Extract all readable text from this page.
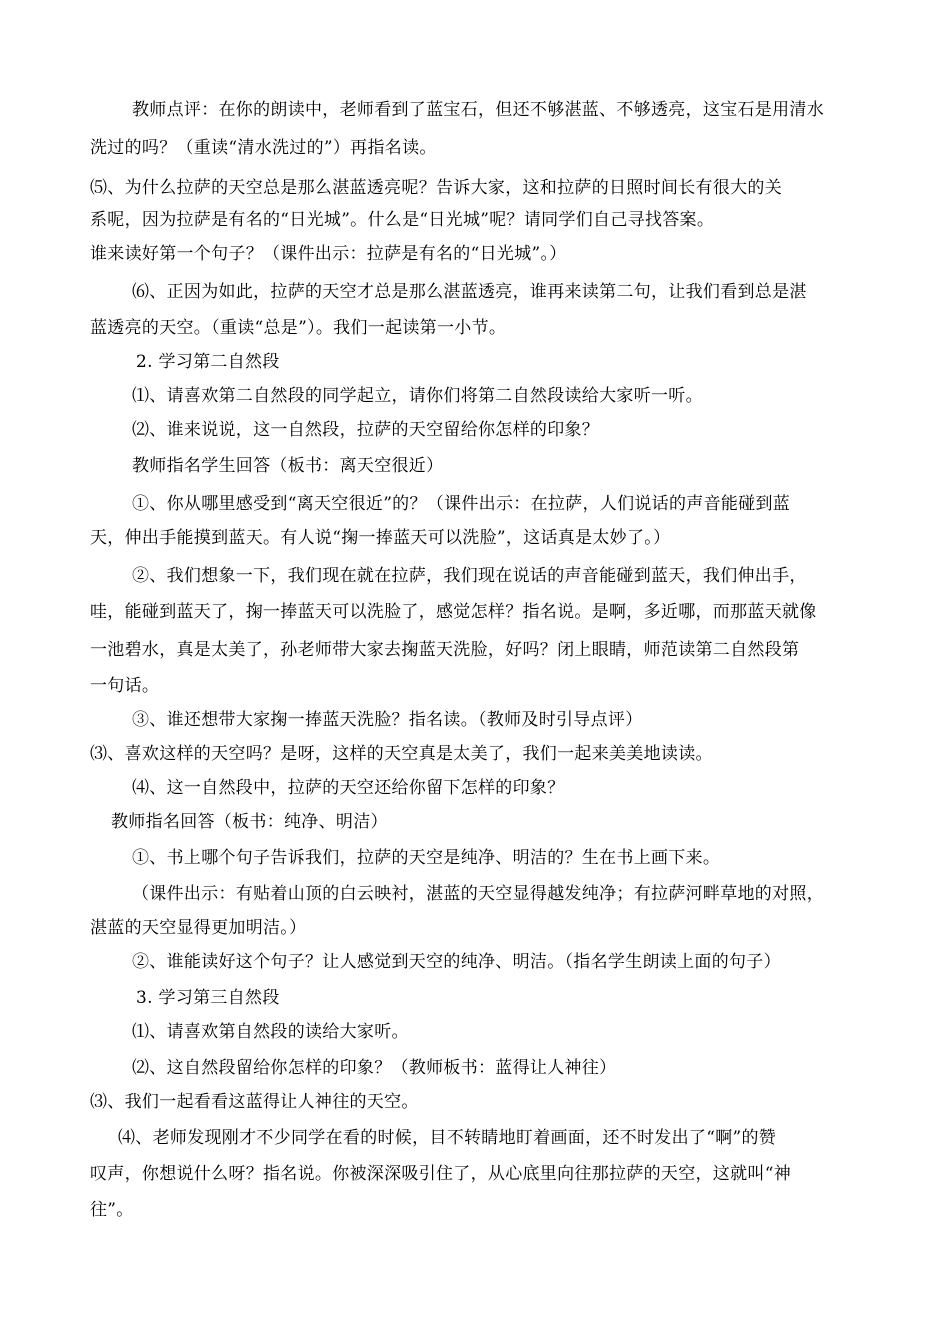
教师点评：在你的朗读中，老师看到了蓝宝石，但还不够湛蓝、不够透亮，这宝石是用清水
洗过的吗？（重读“清水洗过的”）再指名读。
⑸、为什么拉萨的天空总是那么湛蓝透亮呢？告诉大家，这和拉萨的日照时间长有很大的关
系呢，因为拉萨是有名的“日光城”。什么是“日光城”呢？请同学们自己寻找答案。
谁来读好第一个句子？（课件出示：拉萨是有名的“日光城”。）
⑹、正因为如此，拉萨的天空才总是那么湛蓝透亮，谁再来读第二句，让我们看到总是湛
蓝透亮的天空。（重读“总是”）。我们一起读第一小节。
2. 学习第二自然段
⑴、请喜欢第二自然段的同学起立，请你们将第二自然段读给大家听一听。
⑵、谁来说说，这一自然段，拉萨的天空留给你怎样的印象？
教师指名学生回答（板书：离天空很近）
①、你从哪里感受到“离天空很近”的？（课件出示：在拉萨，人们说话的声音能碰到蓝
天，伸出手能摸到蓝天。有人说“掬一捧蓝天可以洗脸”，这话真是太妙了。）
②、我们想象一下，我们现在就在拉萨，我们现在说话的声音能碰到蓝天，我们伸出手，
哇，能碰到蓝天了，掬一捧蓝天可以洗脸了，感觉怎样？指名说。是啊，多近哪，而那蓝天就像
一池碧水，真是太美了，孙老师带大家去掬蓝天洗脸，好吗？闭上眼睛，师范读第二自然段第
一句话。
③、谁还想带大家掬一捧蓝天洗脸？指名读。（教师及时引导点评）
⑶、喜欢这样的天空吗？是呀，这样的天空真是太美了，我们一起来美美地读读。
⑷、这一自然段中，拉萨的天空还给你留下怎样的印象？
教师指名回答（板书：纯净、明洁）
①、书上哪个句子告诉我们，拉萨的天空是纯净、明洁的？生在书上画下来。
（课件出示：有贴着山顶的白云映衬，湛蓝的天空显得越发纯净；有拉萨河畔草地的对照，
湛蓝的天空显得更加明洁。）
②、谁能读好这个句子？让人感觉到天空的纯净、明洁。（指名学生朗读上面的句子）
3. 学习第三自然段
⑴、请喜欢第自然段的读给大家听。
⑵、这自然段留给你怎样的印象？（教师板书：蓝得让人神往）
⑶、我们一起看看这蓝得让人神往的天空。
⑷、老师发现刚才不少同学在看的时候，目不转睛地盯着画面，还不时发出了“啊”的赞
叹声，你想说什么呀？指名说。你被深深吸引住了，从心底里向往那拉萨的天空，这就叫“神
往”。
